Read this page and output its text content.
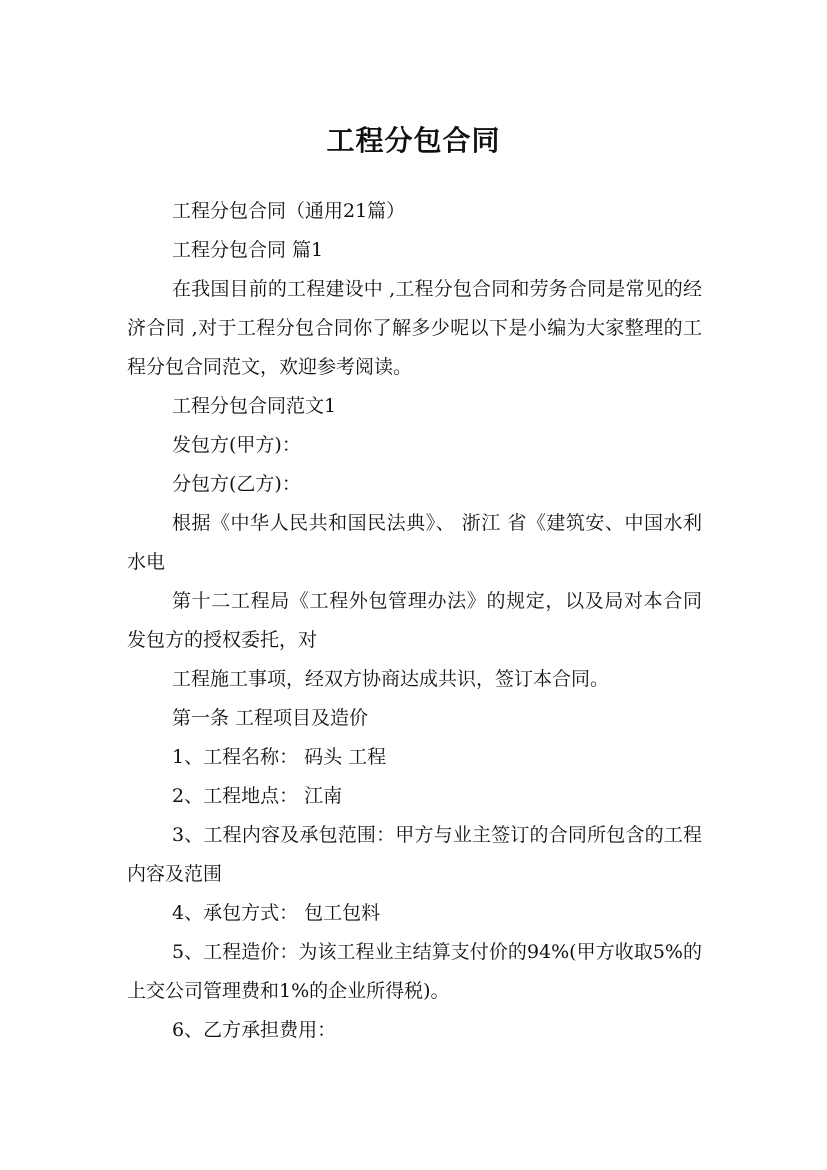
工程分包合同

工程分包合同（通用21篇）

工程分包合同 篇1

在我国目前的工程建设中 ,工程分包合同和劳务合同是常见的经济合同 ,对于工程分包合同你了解多少呢以下是小编为大家整理的工程分包合同范文，欢迎参考阅读。

工程分包合同范文1

发包方(甲方)：

分包方(乙方)：

根据《中华人民共和国民法典》、 浙江 省《建筑安、中国水利水电

第十二工程局《工程外包管理办法》的规定，以及局对本合同发包方的授权委托，对

工程施工事项，经双方协商达成共识，签订本合同。

第一条 工程项目及造价

1、工程名称： 码头 工程

2、工程地点： 江南

3、工程内容及承包范围：甲方与业主签订的合同所包含的工程内容及范围

4、承包方式： 包工包料

5、工程造价：为该工程业主结算支付价的94%(甲方收取5%的上交公司管理费和1%的企业所得税)。

6、乙方承担费用：
